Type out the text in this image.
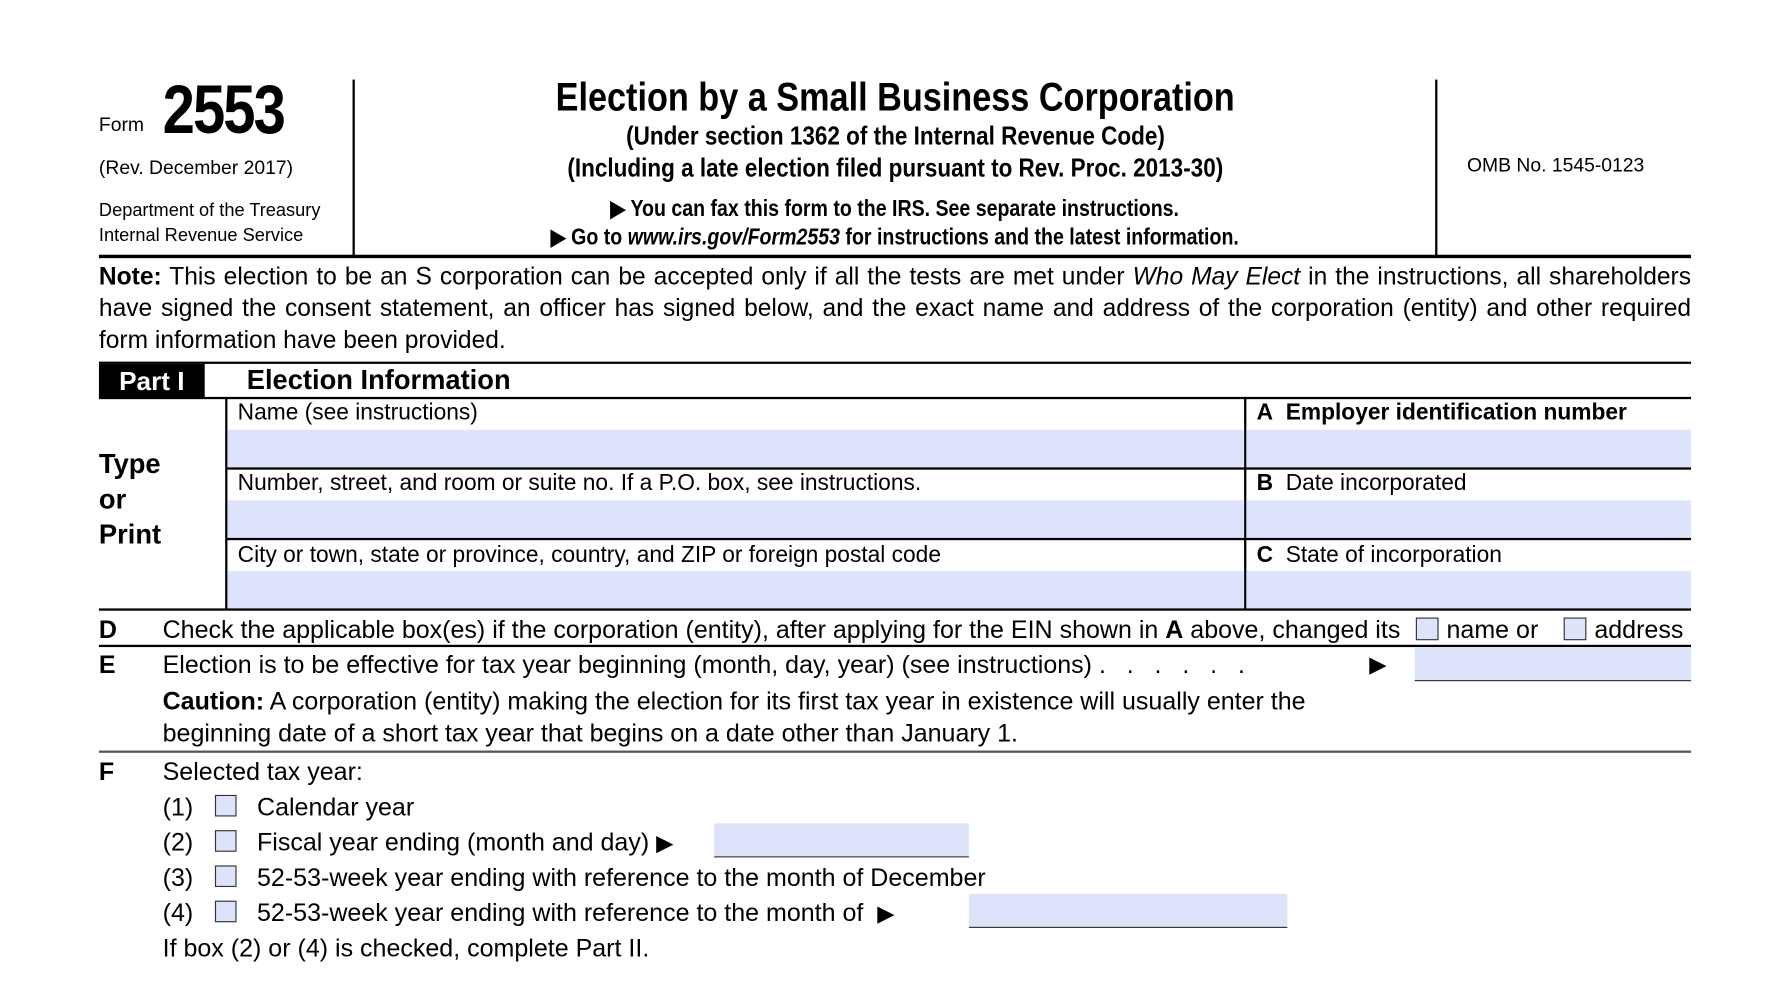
Form 2553
(Rev. December 2017)
Department of the Treasury
Internal Revenue Service
Election by a Small Business Corporation
(Under section 1362 of the Internal Revenue Code)
(Including a late election filed pursuant to Rev. Proc. 2013-30)
▶ You can fax this form to the IRS. See separate instructions.
▶ Go to www.irs.gov/Form2553 for instructions and the latest information.
OMB No. 1545-0123
Note: This election to be an S corporation can be accepted only if all the tests are met under Who May Elect in the instructions, all shareholders have signed the consent statement, an officer has signed below, and the exact name and address of the corporation (entity) and other required form information have been provided.
Part I	Election Information
Type
or
Print
Name (see instructions)	A Employer identification number
Number, street, and room or suite no. If a P.O. box, see instructions.	B Date incorporated
City or town, state or province, country, and ZIP or foreign postal code	C State of incorporation
D Check the applicable box(es) if the corporation (entity), after applying for the EIN shown in A above, changed its name or	address
E Election is to be effective for tax year beginning (month, day, year) (see instructions) .   .   .   .   .   .	▶
Caution: A corporation (entity) making the election for its first tax year in existence will usually enter the
beginning date of a short tax year that begins on a date other than January 1.
F Selected tax year:
(1)	Calendar year
(2)	Fiscal year ending (month and day) ▶
(3)	52-53-week year ending with reference to the month of December
(4)	52-53-week year ending with reference to the month of ▶
If box (2) or (4) is checked, complete Part II.
